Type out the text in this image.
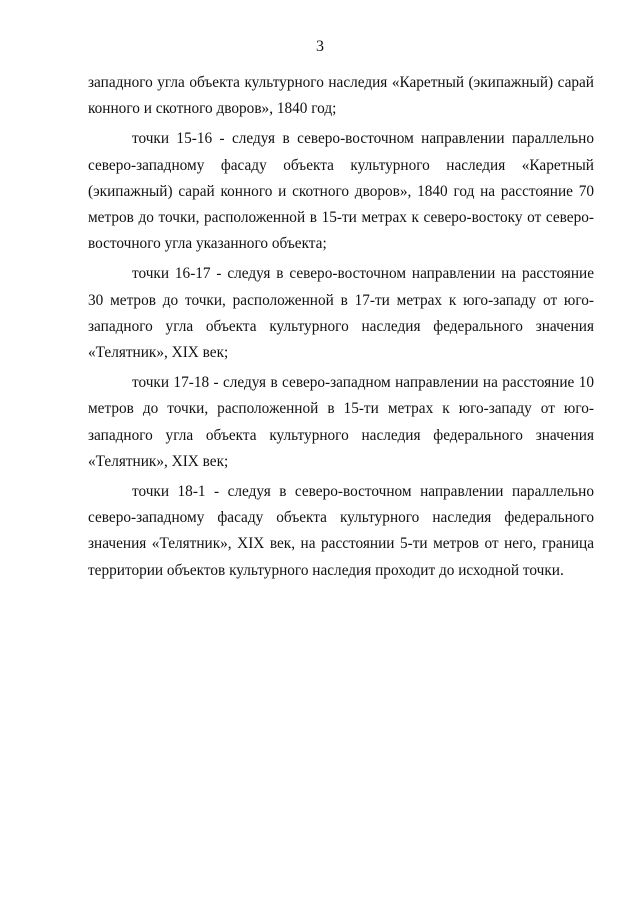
3

западного угла объекта культурного наследия «Каретный (экипажный) сарай конного и скотного дворов», 1840 год;

точки 15-16 - следуя в северо-восточном направлении параллельно северо-западному фасаду объекта культурного наследия «Каретный (экипажный) сарай конного и скотного дворов», 1840 год на расстояние 70 метров до точки, расположенной в 15-ти метрах к северо-востоку от северо-восточного угла указанного объекта;

точки 16-17 - следуя в северо-восточном направлении на расстояние 30 метров до точки, расположенной в 17-ти метрах к юго-западу от юго-западного угла объекта культурного наследия федерального значения «Телятник», XIX век;

точки 17-18 - следуя в северо-западном направлении на расстояние 10 метров до точки, расположенной в 15-ти метрах к юго-западу от юго-западного угла объекта культурного наследия федерального значения «Телятник», XIX век;

точки 18-1 - следуя в северо-восточном направлении параллельно северо-западному фасаду объекта культурного наследия федерального значения «Телятник», XIX век, на расстоянии 5-ти метров от него, граница территории объектов культурного наследия проходит до исходной точки.
